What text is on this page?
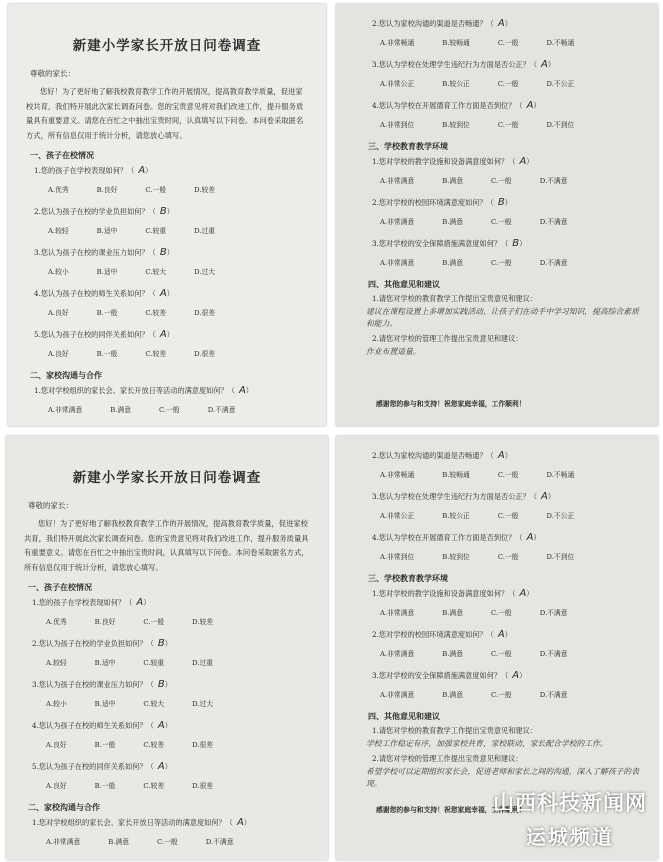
新建小学家长开放日问卷调查
尊敬的家长：
您好！为了更好地了解我校教育教学工作的开展情况，提高教育教学质量，促进家校共育，我们特开展此次家长调查问卷。您的宝贵意见将对我们改进工作，提升服务质量具有重要意义。请您在百忙之中抽出宝贵时间，认真填写以下问卷。本问卷采取匿名方式，所有信息仅用于统计分析，请您放心填写。
一、孩子在校情况
1.您的孩子在学校表现如何？（ A）
A.优秀	B.良好	C.一般	D.较差
2.您认为孩子在校的学业负担如何？（ B）
A.较轻	B.适中	C.较重	D.过重
3.您认为孩子在校的课业压力如何？（ B）
A.较小	B.适中	C.较大	D.过大
4.您认为孩子在校的师生关系如何？（ A）
A.良好	B.一般	C.较差	D.很差
5.您认为孩子在校的同伴关系如何？（ A）
A.良好	B.一般	C.较差	D.很差
二、家校沟通与合作
1.您对学校组织的家长会、家长开放日等活动的满意度如何？（ A）
A.非常满意	B.满意	C.一般	D.不满意
2.您认为家校沟通的渠道是否畅通？（ A）
A.非常畅通	B.较畅通	C.一般	D.不畅通
3.您认为学校在处理学生违纪行为方面是否公正？（ A）
A.非常公正	B.较公正	C.一般	D.不公正
4.您认为学校在开展德育工作方面是否到位？（ A）
A.非常到位	B.较到位	C.一般	D.不到位
三、学校教育教学环境
1.您对学校的教学设施和设备满意度如何？（ A）
A.非常满意	B.满意	C.一般	D.不满意
2.您对学校的校园环境满意度如何？（ B）
A.非常满意	B.满意	C.一般	D.不满意
3.您对学校的安全保障措施满意度如何？（ B）
A.非常满意	B.满意	C.一般	D.不满意
四、其他意见和建议
1.请您对学校的教育教学工作提出宝贵意见和建议：
建议在课程设置上多增加实践活动，让孩子们在动手中学习知识，提高综合素质和能力。
2.请您对学校的管理工作提出宝贵意见和建议：
作业布置适量。
感谢您的参与和支持！祝您家庭幸福，工作顺利！
新建小学家长开放日问卷调查
尊敬的家长：
您好！为了更好地了解我校教育教学工作的开展情况，提高教育教学质量，促进家校共育，我们特开展此次家长调查问卷。您的宝贵意见将对我们改进工作，提升服务质量具有重要意义。请您在百忙之中抽出宝贵时间，认真填写以下问卷。本问卷采取匿名方式，所有信息仅用于统计分析，请您放心填写。
一、孩子在校情况
1.您的孩子在学校表现如何？（ A）
A.优秀	B.良好	C.一般	D.较差
2.您认为孩子在校的学业负担如何？（ B）
A.较轻	B.适中	C.较重	D.过重
3.您认为孩子在校的课业压力如何？（ B）
A.较小	B.适中	C.较大	D.过大
4.您认为孩子在校的师生关系如何？（ A）
A.良好	B.一般	C.较差	D.很差
5.您认为孩子在校的同伴关系如何？（ A）
A.良好	B.一般	C.较差	D.很差
二、家校沟通与合作
1.您对学校组织的家长会、家长开放日等活动的满意度如何？（ A）
A.非常满意	B.满意	C.一般	D.不满意
2.您认为家校沟通的渠道是否畅通？（ A）
A.非常畅通	B.较畅通	C.一般	D.不畅通
3.您认为学校在处理学生违纪行为方面是否公正？（ A）
A.非常公正	B.较公正	C.一般	D.不公正
4.您认为学校在开展德育工作方面是否到位？（ A）
A.非常到位	B.较到位	C.一般	D.不到位
三、学校教育教学环境
1.您对学校的教学设施和设备满意度如何？（ A）
A.非常满意	B.满意	C.一般	D.不满意
2.您对学校的校园环境满意度如何？（ A）
A.非常满意	B.满意	C.一般	D.不满意
3.您对学校的安全保障措施满意度如何？（ A）
A.非常满意	B.满意	C.一般	D.不满意
四、其他意见和建议
1.请您对学校的教育教学工作提出宝贵意见和建议：
学校工作稳定有序，加强家校共育，家校联动，家长配合学校的工作。
2.请您对学校的管理工作提出宝贵意见和建议：
希望学校可以定期组织家长会，促进老师和家长之间的沟通，深入了解孩子的表现。
感谢您的参与和支持！祝您家庭幸福，工作顺利！
山西科技新闻网
运城频道
